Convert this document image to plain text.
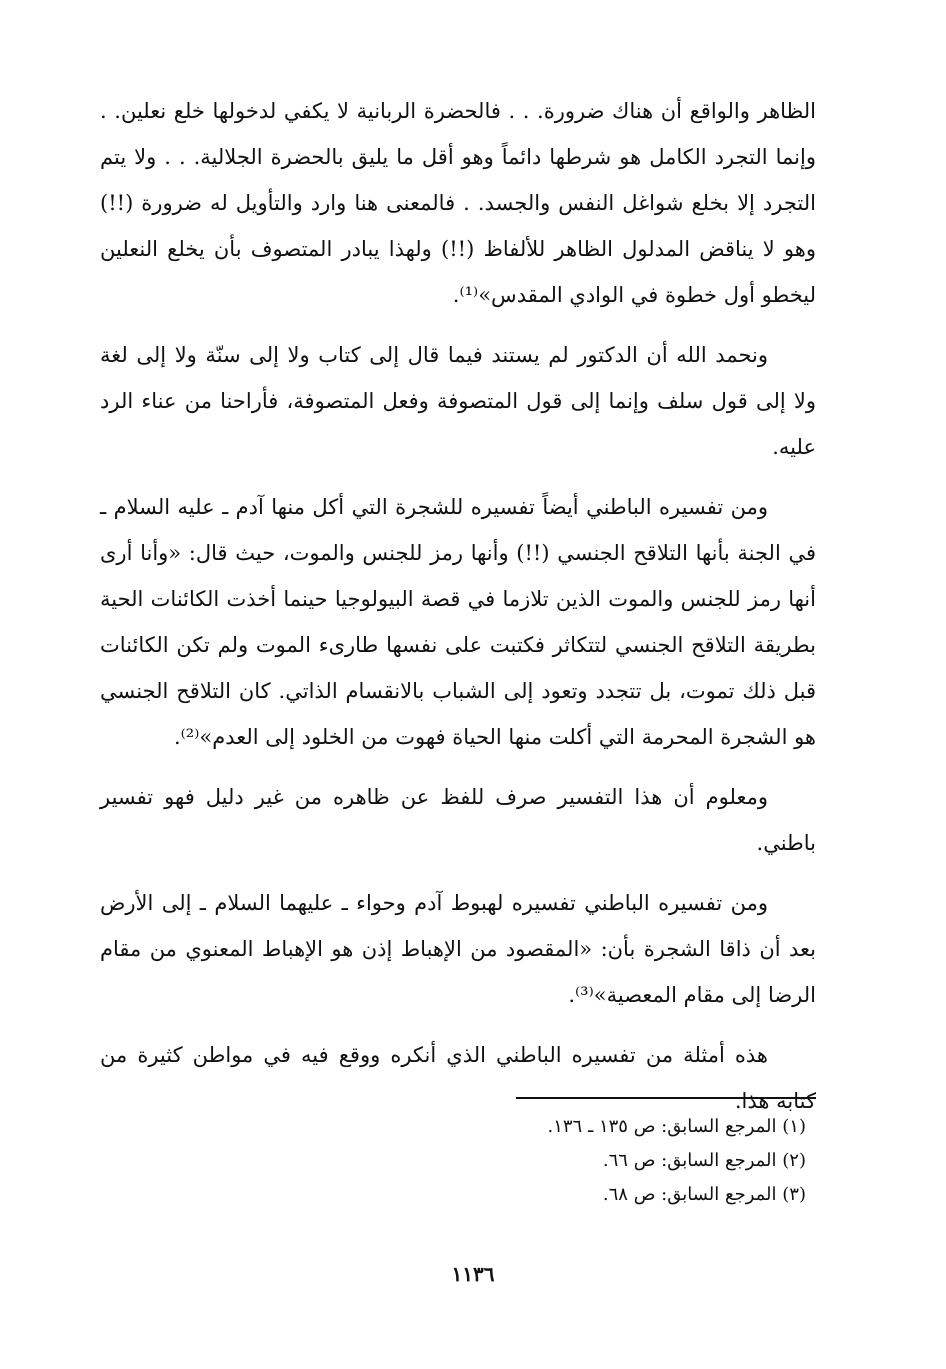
الظاهر والواقع أن هناك ضرورة. . . فالحضرة الربانية لا يكفي لدخولها خلع نعلين. . وإنما التجرد الكامل هو شرطها دائماً وهو أقل ما يليق بالحضرة الجلالية. . . ولا يتم التجرد إلا بخلع شواغل النفس والجسد. . فالمعنى هنا وارد والتأويل له ضرورة (!!) وهو لا يناقض المدلول الظاهر للألفاظ (!!) ولهذا يبادر المتصوف بأن يخلع النعلين ليخطو أول خطوة في الوادي المقدس»⁽¹⁾.

ونحمد الله أن الدكتور لم يستند فيما قال إلى كتاب ولا إلى سنّة ولا إلى لغة ولا إلى قول سلف وإنما إلى قول المتصوفة وفعل المتصوفة، فأراحنا من عناء الرد عليه.

ومن تفسيره الباطني أيضاً تفسيره للشجرة التي أكل منها آدم ـ عليه السلام ـ في الجنة بأنها التلاقح الجنسي (!!) وأنها رمز للجنس والموت، حيث قال: «وأنا أرى أنها رمز للجنس والموت الذين تلازما في قصة البيولوجيا حينما أخذت الكائنات الحية بطريقة التلاقح الجنسي لتتكاثر فكتبت على نفسها طارىء الموت ولم تكن الكائنات قبل ذلك تموت، بل تتجدد وتعود إلى الشباب بالانقسام الذاتي. كان التلاقح الجنسي هو الشجرة المحرمة التي أكلت منها الحياة فهوت من الخلود إلى العدم»⁽²⁾.

ومعلوم أن هذا التفسير صرف للفظ عن ظاهره من غير دليل فهو تفسير باطني.

ومن تفسيره الباطني تفسيره لهبوط آدم وحواء ـ عليهما السلام ـ إلى الأرض بعد أن ذاقا الشجرة بأن: «المقصود من الإهباط إذن هو الإهباط المعنوي من مقام الرضا إلى مقام المعصية»⁽³⁾.

هذه أمثلة من تفسيره الباطني الذي أنكره ووقع فيه في مواطن كثيرة من كتابه هذا.

(١) المرجع السابق: ص ١٣٥ ـ ١٣٦.

(٢) المرجع السابق: ص ٦٦.

(٣) المرجع السابق: ص ٦٨.

١١٣٦
